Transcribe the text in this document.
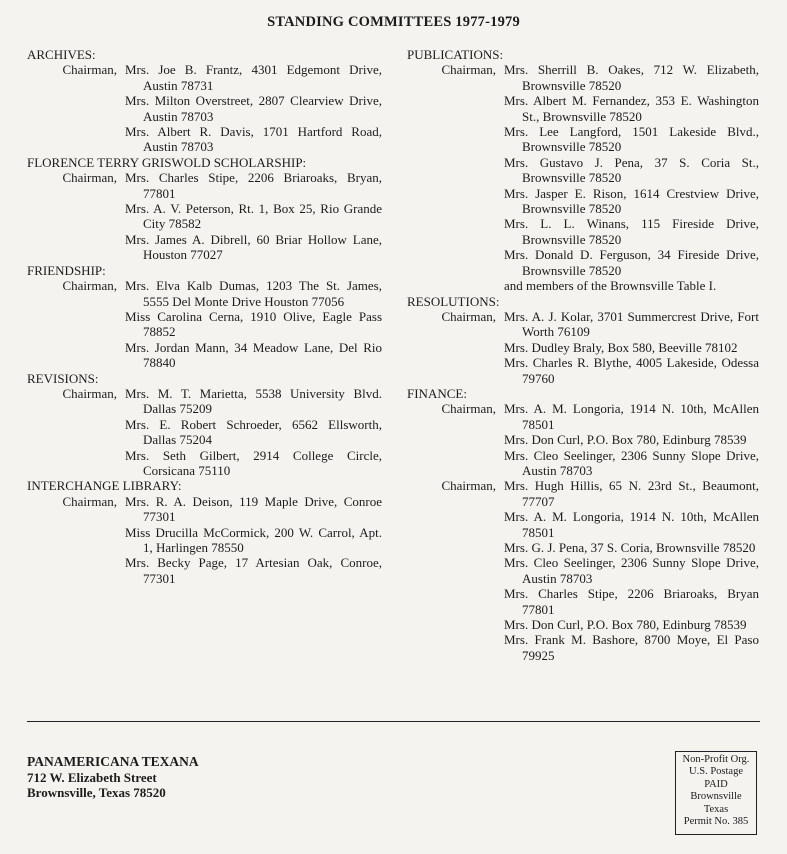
STANDING COMMITTEES 1977-1979
ARCHIVES:
Chairman, Mrs. Joe B. Frantz, 4301 Edgemont Drive, Austin 78731
Mrs. Milton Overstreet, 2807 Clearview Drive, Austin 78703
Mrs. Albert R. Davis, 1701 Hartford Road, Austin 78703
FLORENCE TERRY GRISWOLD SCHOLARSHIP:
Chairman, Mrs. Charles Stipe, 2206 Briaroaks, Bryan, 77801
Mrs. A. V. Peterson, Rt. 1, Box 25, Rio Grande City 78582
Mrs. James A. Dibrell, 60 Briar Hollow Lane, Houston 77027
FRIENDSHIP:
Chairman, Mrs. Elva Kalb Dumas, 1203 The St. James, 5555 Del Monte Drive Houston 77056
Miss Carolina Cerna, 1910 Olive, Eagle Pass 78852
Mrs. Jordan Mann, 34 Meadow Lane, Del Rio 78840
REVISIONS:
Chairman, Mrs. M. T. Marietta, 5538 University Blvd. Dallas 75209
Mrs. E. Robert Schroeder, 6562 Ellsworth, Dallas 75204
Mrs. Seth Gilbert, 2914 College Circle, Corsicana 75110
INTERCHANGE LIBRARY:
Chairman, Mrs. R. A. Deison, 119 Maple Drive, Conroe 77301
Miss Drucilla McCormick, 200 W. Carrol, Apt. 1, Harlingen 78550
Mrs. Becky Page, 17 Artesian Oak, Conroe, 77301
PUBLICATIONS:
Chairman, Mrs. Sherrill B. Oakes, 712 W. Elizabeth, Brownsville 78520
Mrs. Albert M. Fernandez, 353 E. Washington St., Brownsville 78520
Mrs. Lee Langford, 1501 Lakeside Blvd., Brownsville 78520
Mrs. Gustavo J. Pena, 37 S. Coria St., Brownsville 78520
Mrs. Jasper E. Rison, 1614 Crestview Drive, Brownsville 78520
Mrs. L. L. Winans, 115 Fireside Drive, Brownsville 78520
Mrs. Donald D. Ferguson, 34 Fireside Drive, Brownsville 78520
and members of the Brownsville Table I.
RESOLUTIONS:
Chairman, Mrs. A. J. Kolar, 3701 Summercrest Drive, Fort Worth 76109
Mrs. Dudley Braly, Box 580, Beeville 78102
Mrs. Charles R. Blythe, 4005 Lakeside, Odessa 79760
FINANCE:
Chairman, Mrs. A. M. Longoria, 1914 N. 10th, McAllen 78501
Mrs. Don Curl, P.O. Box 780, Edinburg 78539
Mrs. Cleo Seelinger, 2306 Sunny Slope Drive, Austin 78703
Chairman, Mrs. Hugh Hillis, 65 N. 23rd St., Beaumont, 77707
Mrs. A. M. Longoria, 1914 N. 10th, McAllen 78501
Mrs. G. J. Pena, 37 S. Coria, Brownsville 78520
Mrs. Cleo Seelinger, 2306 Sunny Slope Drive, Austin 78703
Mrs. Charles Stipe, 2206 Briaroaks, Bryan 77801
Mrs. Don Curl, P.O. Box 780, Edinburg 78539
Mrs. Frank M. Bashore, 8700 Moye, El Paso 79925
PANAMERICANA TEXANA
712 W. Elizabeth Street
Brownsville, Texas 78520
Non-Profit Org.
U.S. Postage
PAID
Brownsville
Texas
Permit No. 385
